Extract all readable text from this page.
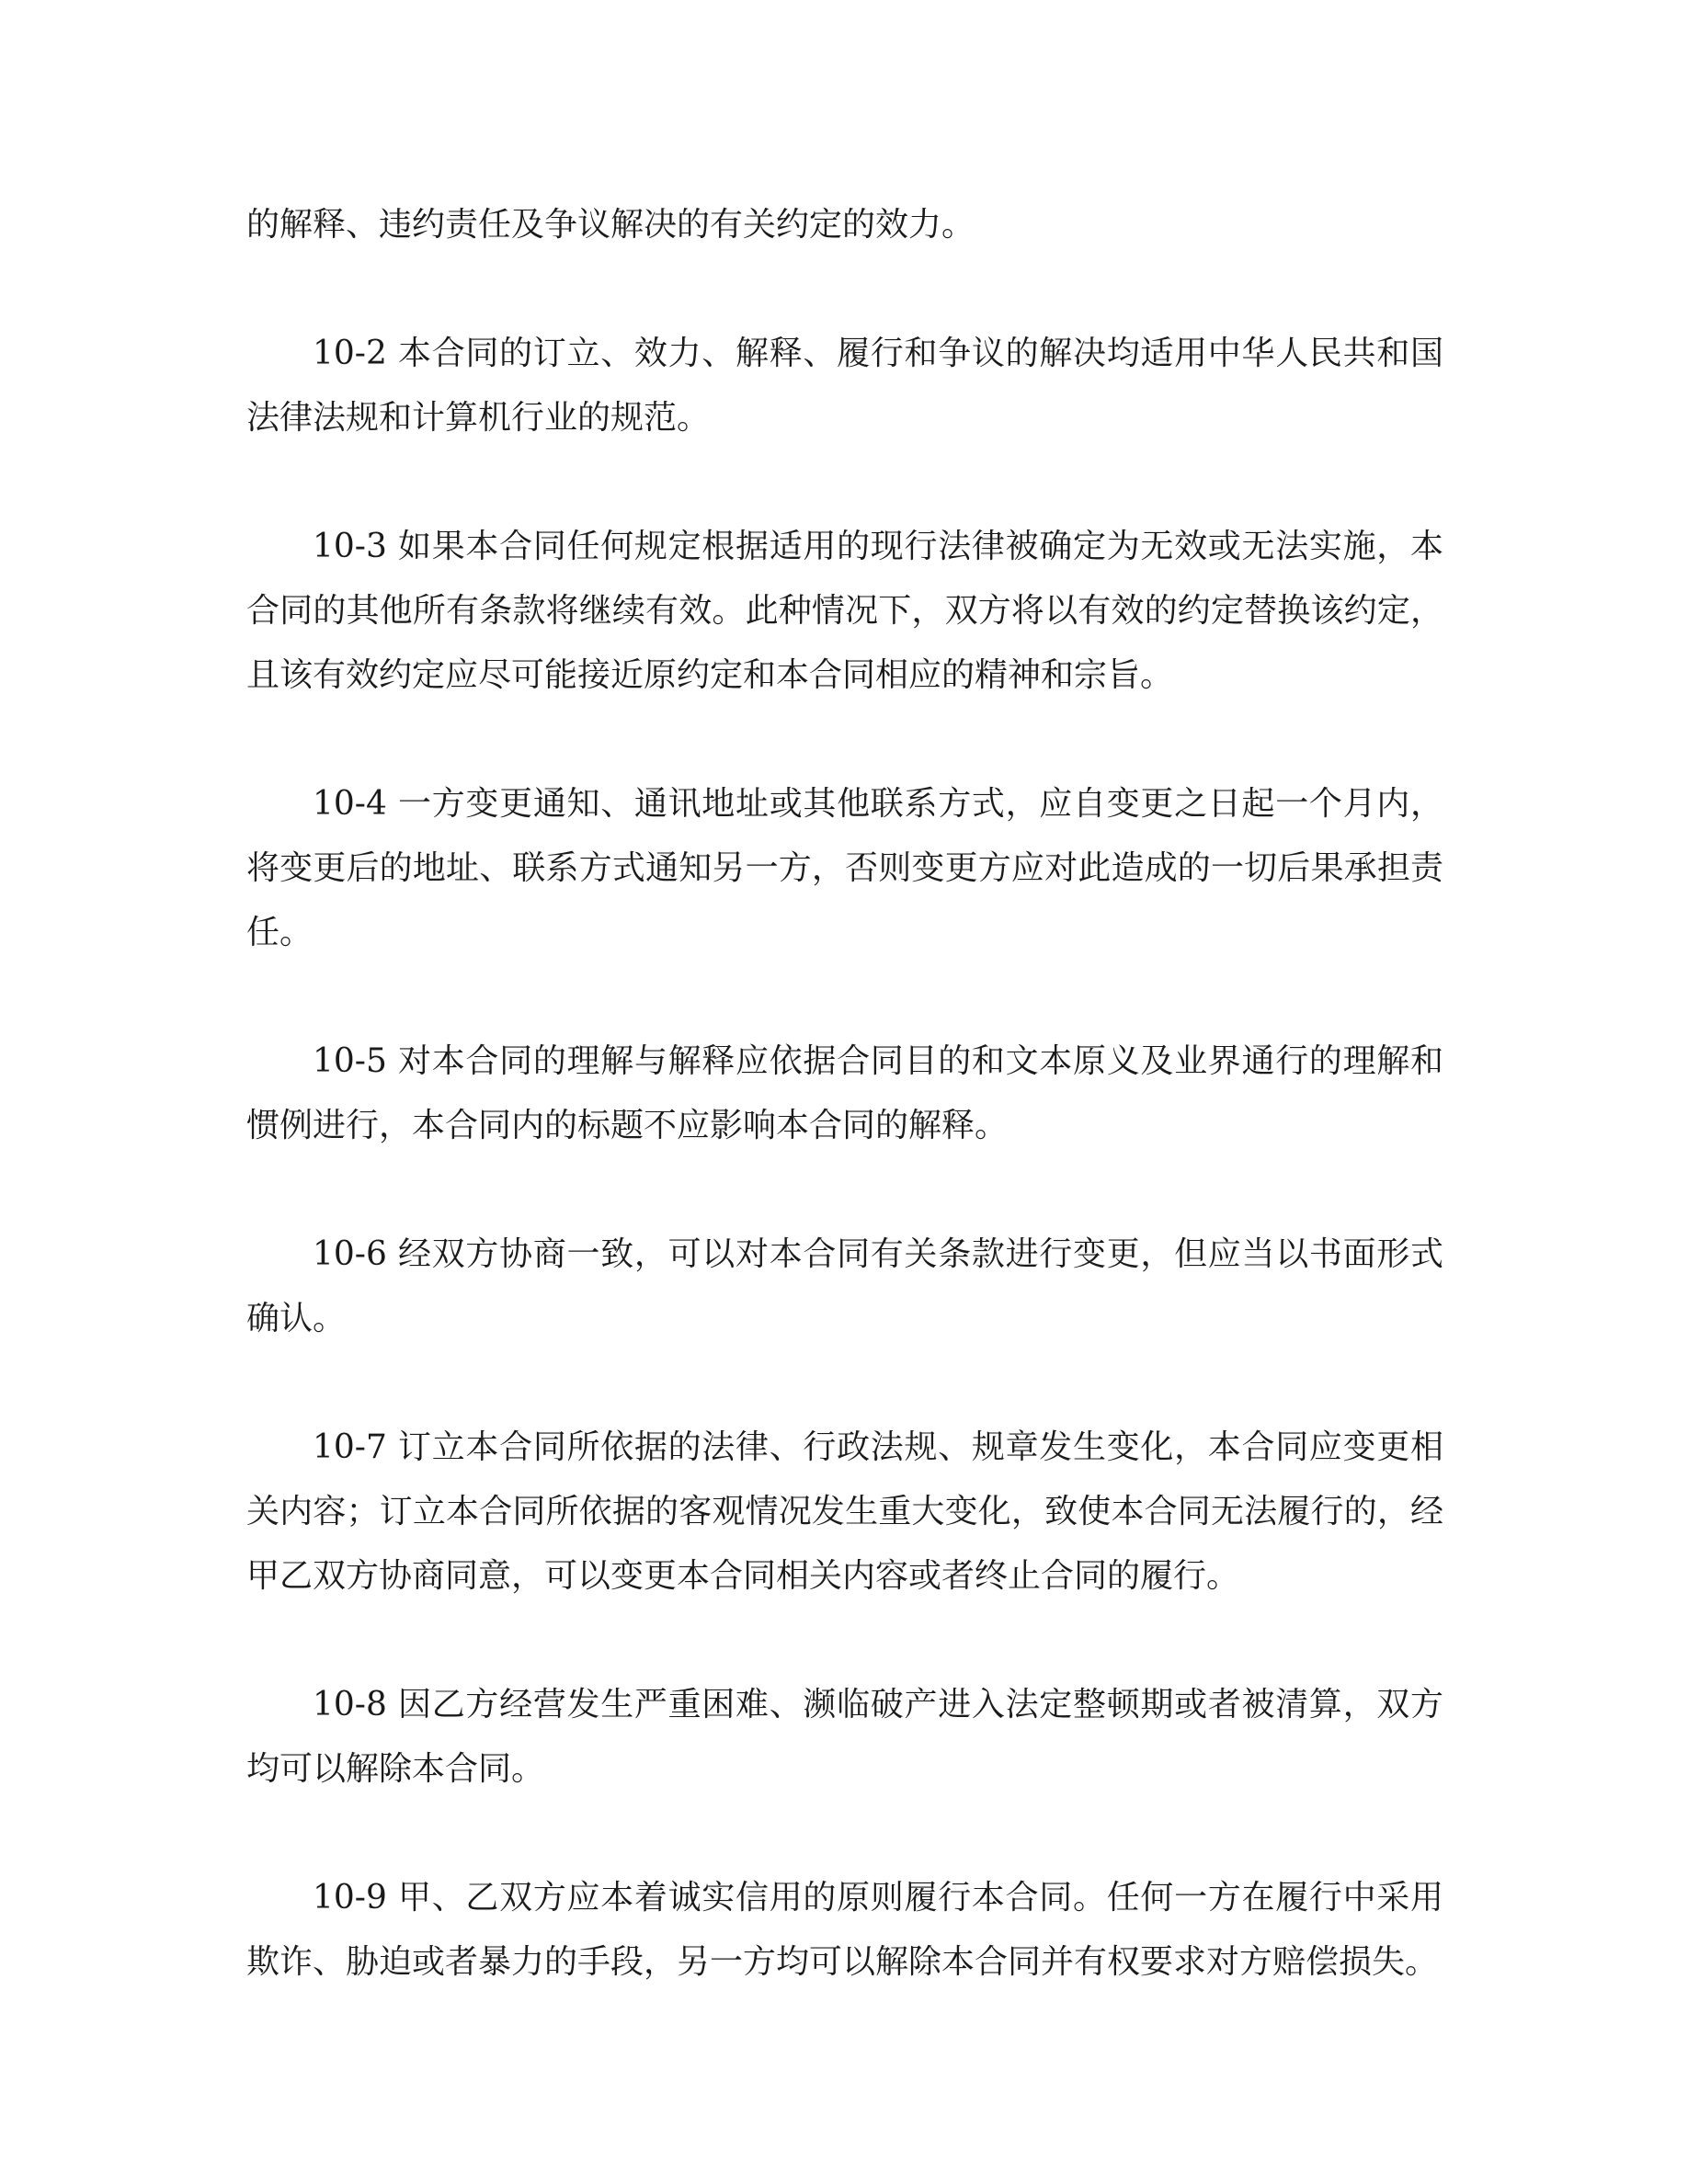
的解释、违约责任及争议解决的有关约定的效力。

10-2 本合同的订立、效力、解释、履行和争议的解决均适用中华人民共和国法律法规和计算机行业的规范。

10-3 如果本合同任何规定根据适用的现行法律被确定为无效或无法实施，本合同的其他所有条款将继续有效。此种情况下，双方将以有效的约定替换该约定，且该有效约定应尽可能接近原约定和本合同相应的精神和宗旨。

10-4 一方变更通知、通讯地址或其他联系方式，应自变更之日起一个月内，将变更后的地址、联系方式通知另一方，否则变更方应对此造成的一切后果承担责任。

10-5 对本合同的理解与解释应依据合同目的和文本原义及业界通行的理解和惯例进行，本合同内的标题不应影响本合同的解释。

10-6 经双方协商一致，可以对本合同有关条款进行变更，但应当以书面形式确认。

10-7 订立本合同所依据的法律、行政法规、规章发生变化，本合同应变更相关内容；订立本合同所依据的客观情况发生重大变化，致使本合同无法履行的，经甲乙双方协商同意，可以变更本合同相关内容或者终止合同的履行。

10-8 因乙方经营发生严重困难、濒临破产进入法定整顿期或者被清算，双方均可以解除本合同。

10-9 甲、乙双方应本着诚实信用的原则履行本合同。任何一方在履行中采用欺诈、胁迫或者暴力的手段，另一方均可以解除本合同并有权要求对方赔偿损失。
